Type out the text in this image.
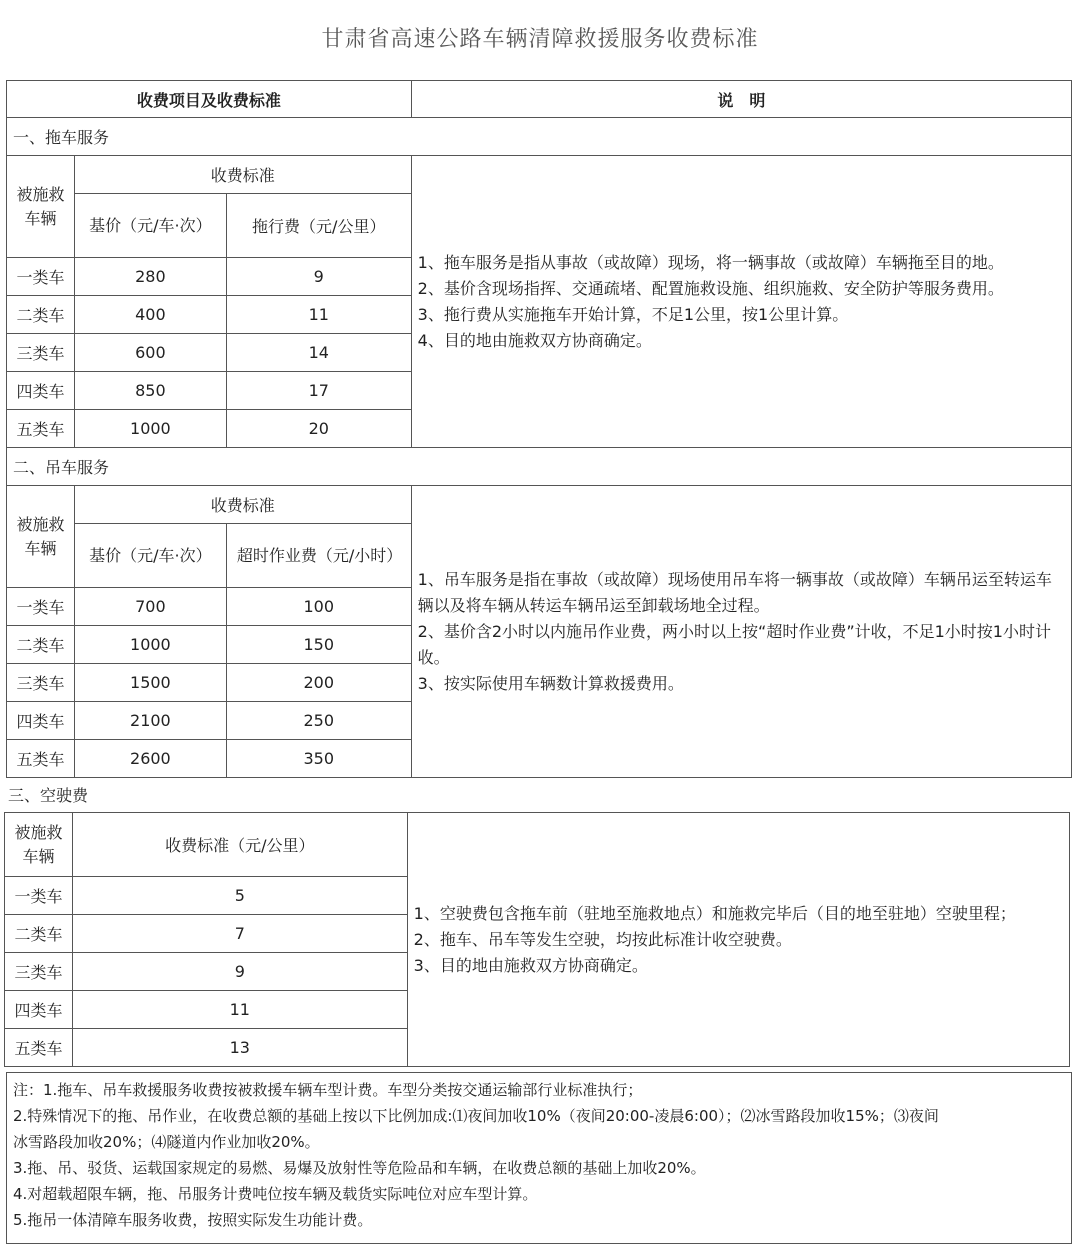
甘肃省高速公路车辆清障救援服务收费标准
收费项目及收费标准			说　明
一、拖车服务			
被施救车辆	收费标准		1、拖车服务是指从事故（或故障）现场，将一辆事故（或故障）车辆拖至目的地。
2、基价含现场指挥、交通疏堵、配置施救设施、组织施救、安全防护等服务费用。
3、拖行费从实施拖车开始计算，不足1公里，按1公里计算。
4、目的地由施救双方协商确定。

	基价（元/车·次）	拖行费（元/公里）	
一类车	280	9	
二类车	400	11	
三类车	600	14	
四类车	850	17	
五类车	1000	20	
二、吊车服务			
被施救车辆	收费标准		1、吊车服务是指在事故（或故障）现场使用吊车将一辆事故（或故障）车辆吊运至转运车辆以及将车辆从转运车辆吊运至卸载场地全过程。
2、基价含2小时以内施吊作业费，两小时以上按“超时作业费”计收，不足1小时按1小时计收。
3、按实际使用车辆数计算救援费用。

	基价（元/车·次）	超时作业费（元/小时）	
一类车	700	100	
二类车	1000	150	
三类车	1500	200	
四类车	2100	250	
五类车	2600	350	
三、空驶费
被施救车辆	收费标准（元/公里）	1、空驶费包含拖车前（驻地至施救地点）和施救完毕后（目的地至驻地）空驶里程；
2、拖车、吊车等发生空驶，均按此标准计收空驶费。
3、目的地由施救双方协商确定。

一类车	5	
二类车	7	
三类车	9	
四类车	11	
五类车	13	
注：1.拖车、吊车救援服务收费按被救援车辆车型计费。车型分类按交通运输部行业标准执行；
2.特殊情况下的拖、吊作业，在收费总额的基础上按以下比例加成:⑴夜间加收10%（夜间20:00-凌晨6:00）；⑵冰雪路段加收15%；⑶夜间
冰雪路段加收20%；⑷隧道内作业加收20%。
3.拖、吊、驳货、运载国家规定的易燃、易爆及放射性等危险品和车辆，在收费总额的基础上加收20%。
4.对超载超限车辆，拖、吊服务计费吨位按车辆及载货实际吨位对应车型计算。
5.拖吊一体清障车服务收费，按照实际发生功能计费。
